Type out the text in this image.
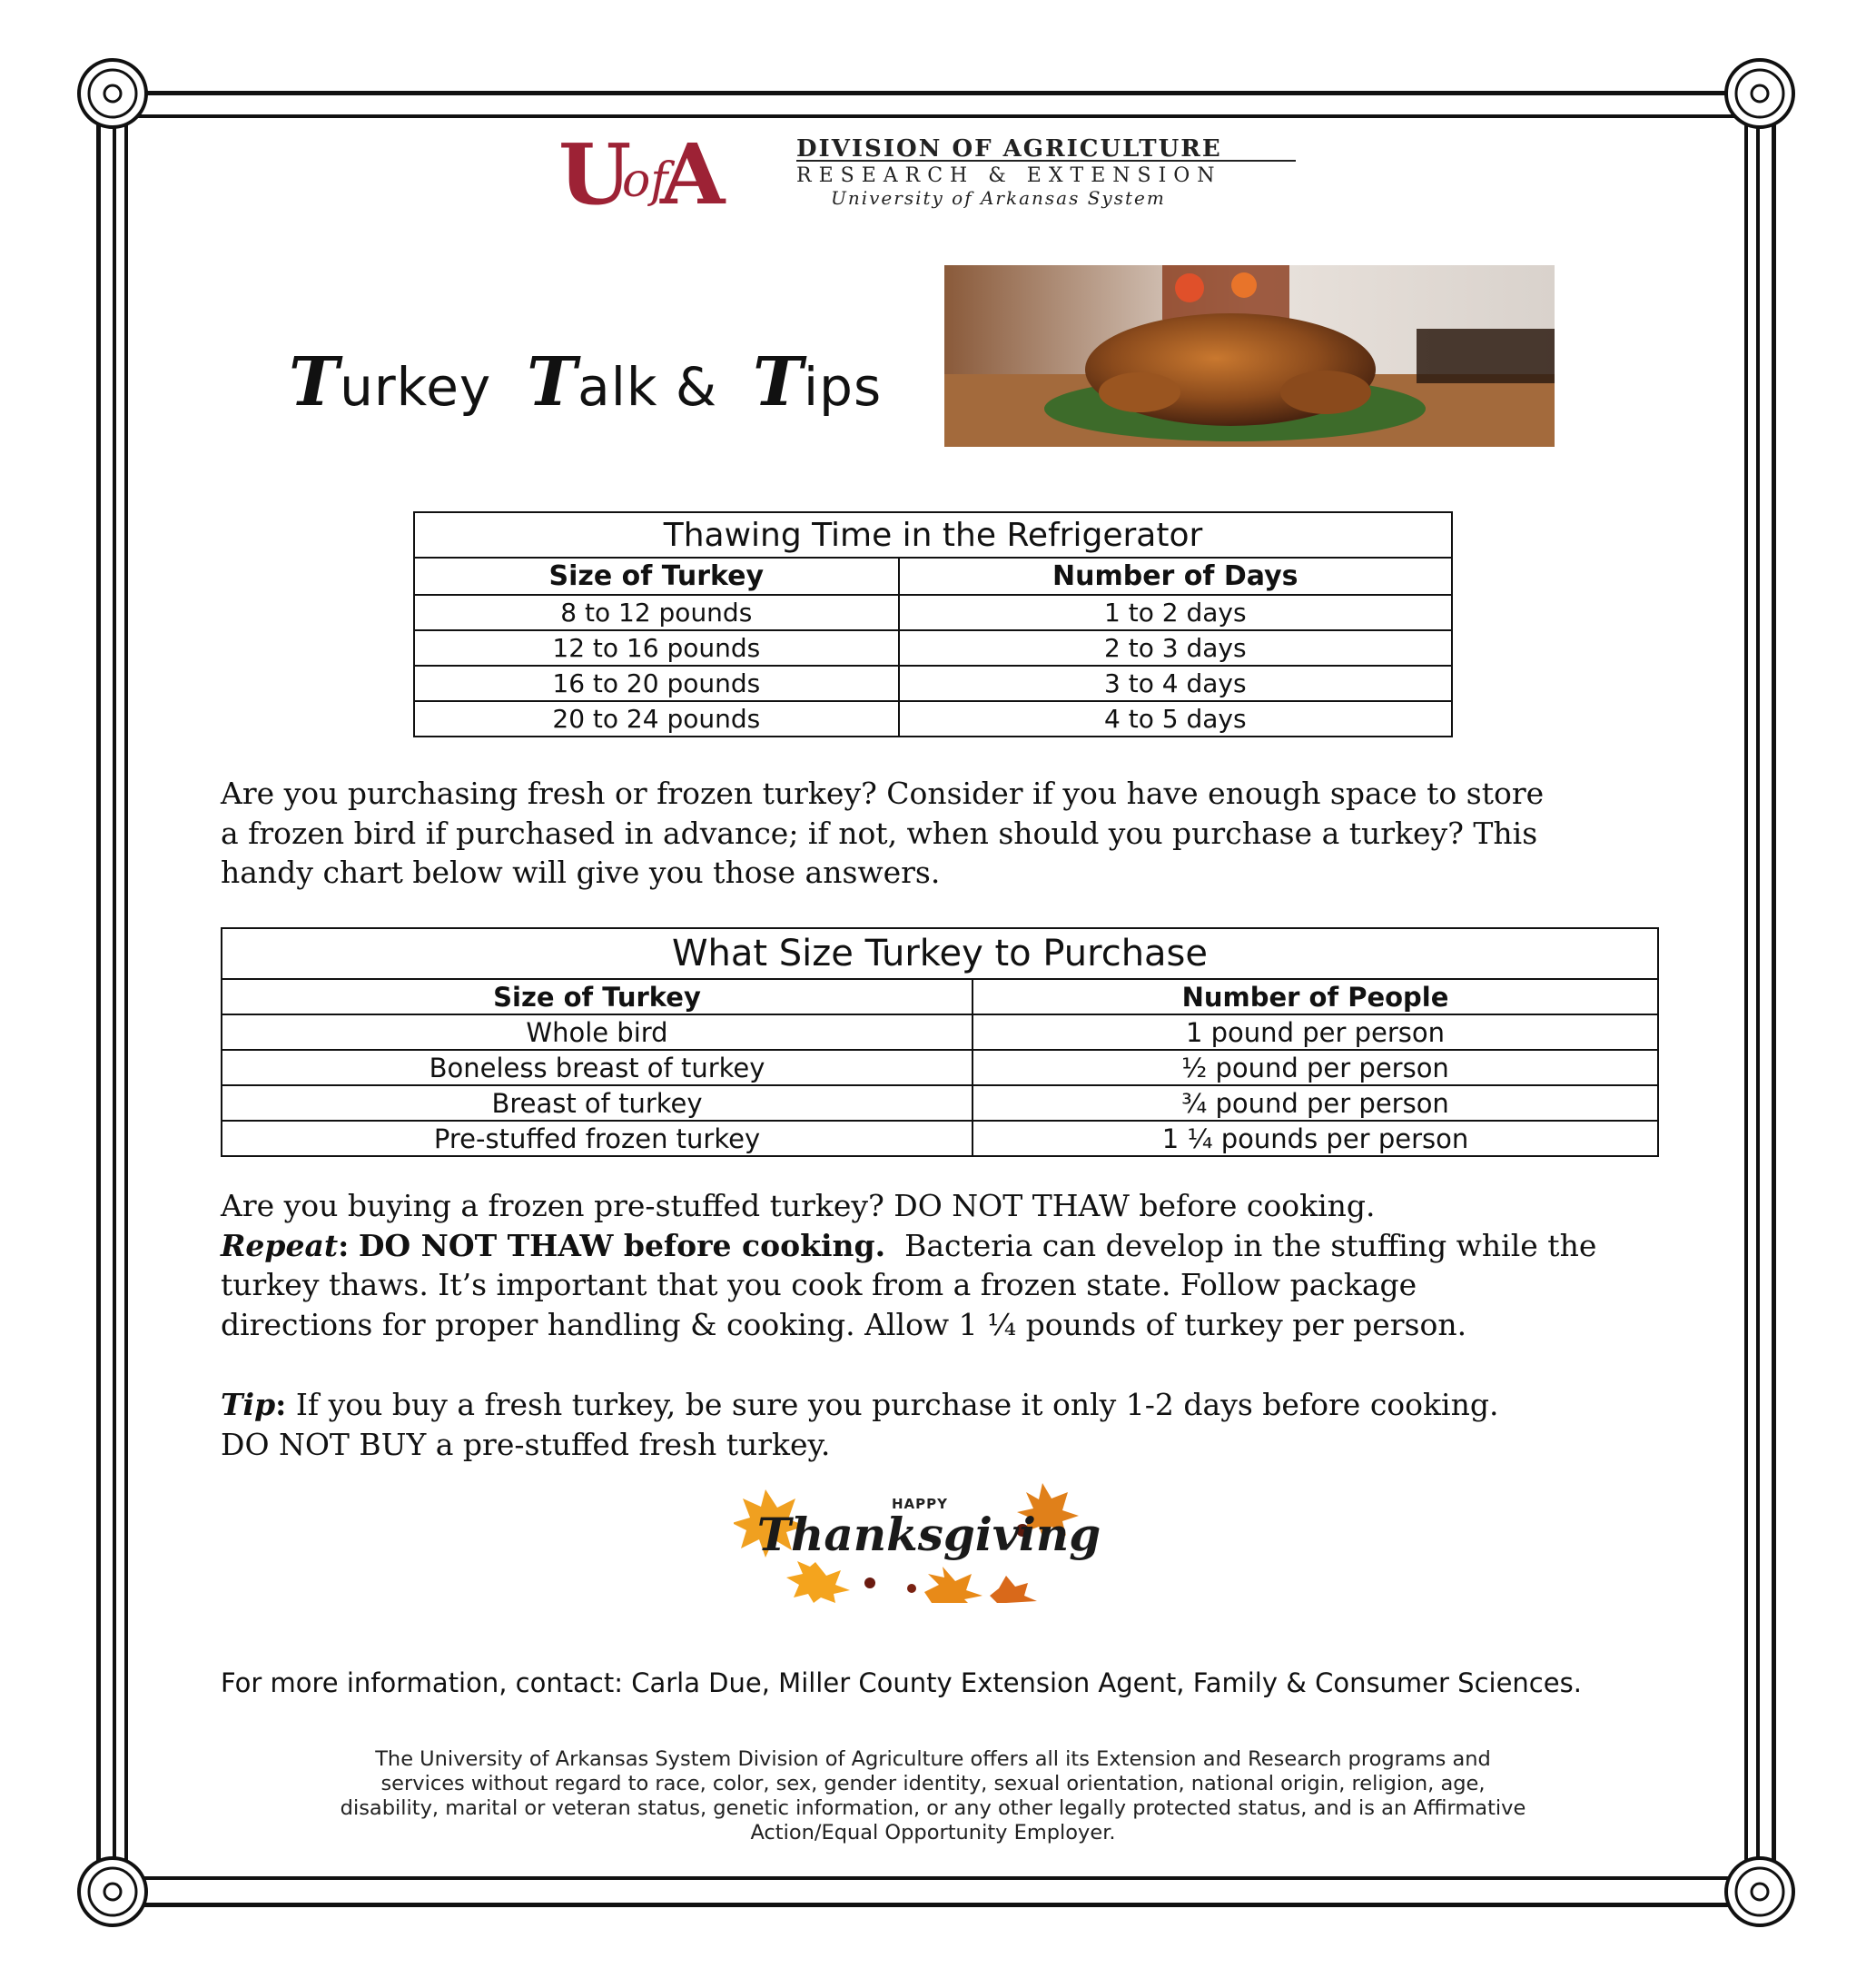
U
of
A	DIVISION OF AGRICULTURE
RESEARCH & EXTENSION
University of Arkansas System
Turkey Talk & Tips
Thawing Time in the Refrigerator	
Size of Turkey	Number of Days
8 to 12 pounds	1 to 2 days
12 to 16 pounds	2 to 3 days
16 to 20 pounds	3 to 4 days
20 to 24 pounds	4 to 5 days

Are you purchasing fresh or frozen turkey? Consider if you have enough space to store

a frozen bird if purchased in advance; if not, when should you purchase a turkey? This

handy chart below will give you those answers.

What Size Turkey to Purchase	
Size of Turkey	Number of People
Whole bird	1 pound per person
Boneless breast of turkey	½ pound per person
Breast of turkey	¾ pound per person
Pre-stuffed frozen turkey	1 ¼ pounds per person

Are you buying a frozen pre-stuffed turkey? DO NOT THAW before cooking.

Repeat: DO NOT THAW before cooking. Bacteria can develop in the stuffing while the

turkey thaws. It’s important that you cook from a frozen state. Follow package

directions for proper handling & cooking. Allow 1 ¼ pounds of turkey per person.

Tip: If you buy a fresh turkey, be sure you purchase it only 1-2 days before cooking.

DO NOT BUY a pre-stuffed fresh turkey.

HAPPY
Thanksgiving
For more information, contact: Carla Due, Miller County Extension Agent, Family & Consumer Sciences.
The University of Arkansas System Division of Agriculture offers all its Extension and Research programs and
services without regard to race, color, sex, gender identity, sexual orientation, national origin, religion, age,
disability, marital or veteran status, genetic information, or any other legally protected status, and is an Affirmative
Action/Equal Opportunity Employer.
